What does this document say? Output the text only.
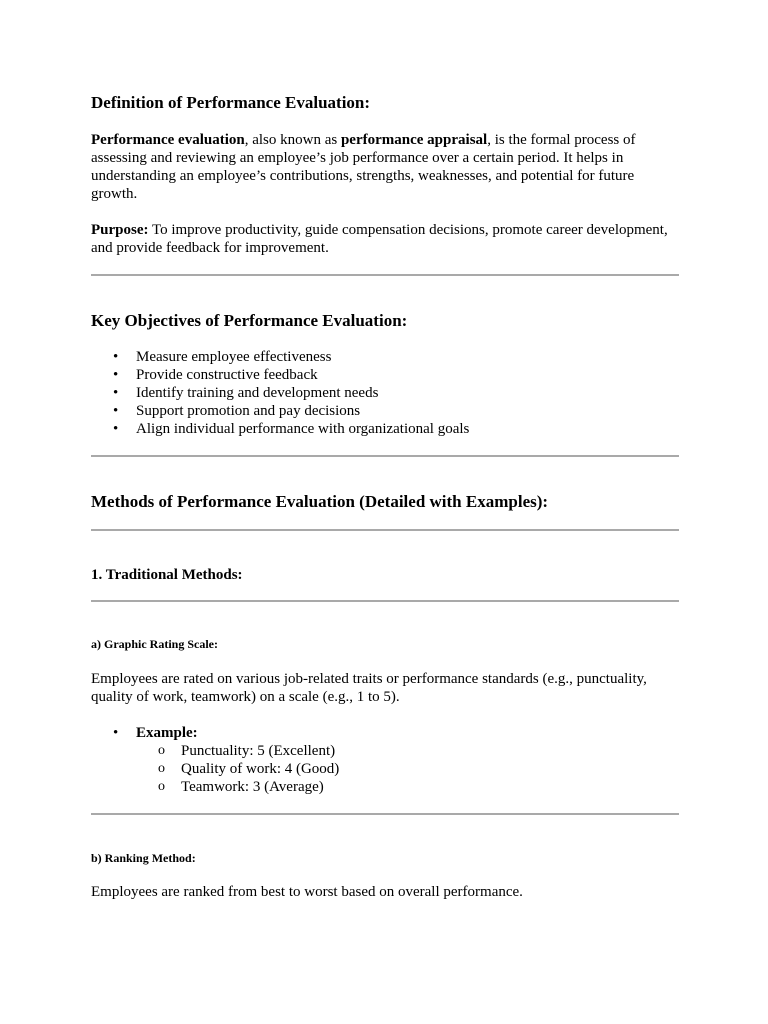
Definition of Performance Evaluation:

Performance evaluation, also known as performance appraisal, is the formal process of assessing and reviewing an employee’s job performance over a certain period. It helps in understanding an employee’s contributions, strengths, weaknesses, and potential for future growth.

Purpose: To improve productivity, guide compensation decisions, promote career development, and provide feedback for improvement.

Key Objectives of Performance Evaluation:
• Measure employee effectiveness
• Provide constructive feedback
• Identify training and development needs
• Support promotion and pay decisions
• Align individual performance with organizational goals
Methods of Performance Evaluation (Detailed with Examples):
1. Traditional Methods:
a) Graphic Rating Scale:

Employees are rated on various job-related traits or performance standards (e.g., punctuality, quality of work, teamwork) on a scale (e.g., 1 to 5).

• Example:
o Punctuality: 5 (Excellent)
o Quality of work: 4 (Good)
o Teamwork: 3 (Average)
b) Ranking Method:

Employees are ranked from best to worst based on overall performance.
